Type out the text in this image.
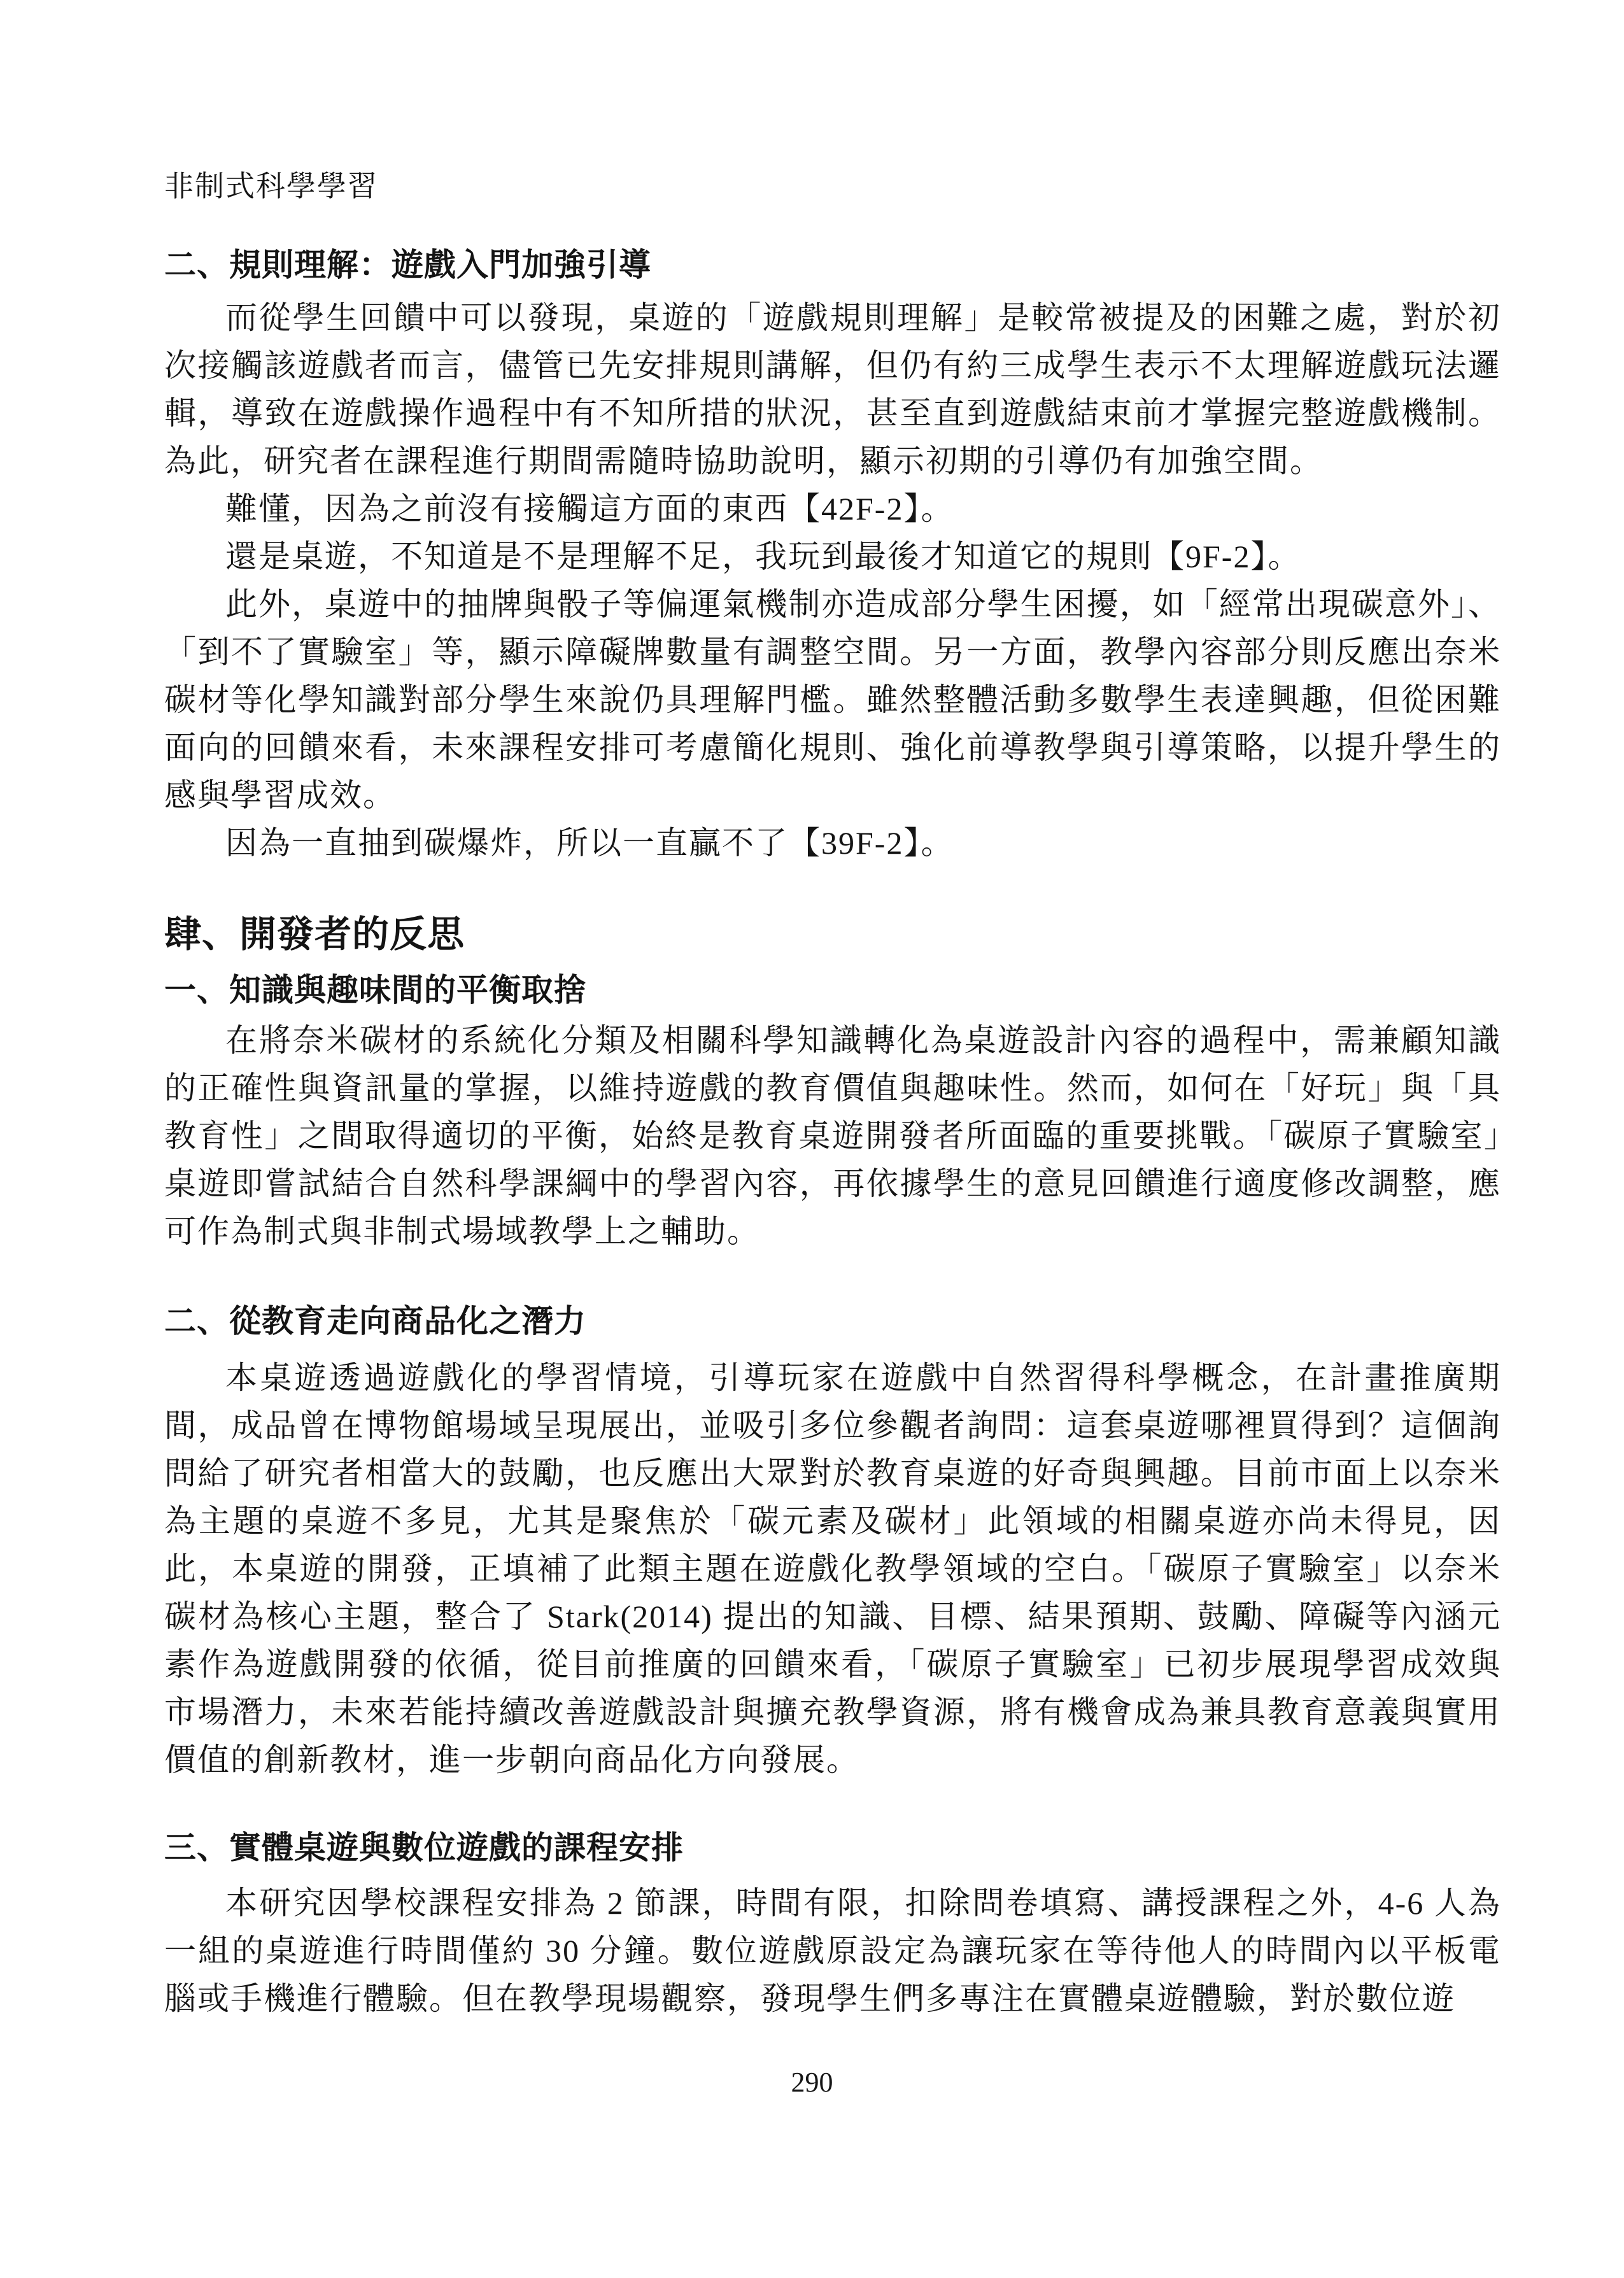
非制式科學學習
二、規則理解：遊戲入門加強引導

而從學生回饋中可以發現，桌遊的「遊戲規則理解」是較常被提及的困難之處，對於初次接觸該遊戲者而言，儘管已先安排規則講解，但仍有約三成學生表示不太理解遊戲玩法邏輯，導致在遊戲操作過程中有不知所措的狀況，甚至直到遊戲結束前才掌握完整遊戲機制。為此，研究者在課程進行期間需隨時協助說明，顯示初期的引導仍有加強空間。

難懂，因為之前沒有接觸這方面的東西【42F-2】。

還是桌遊，不知道是不是理解不足，我玩到最後才知道它的規則【9F-2】。

此外，桌遊中的抽牌與骰子等偏運氣機制亦造成部分學生困擾，如「經常出現碳意外」、「到不了實驗室」等，顯示障礙牌數量有調整空間。另一方面，教學內容部分則反應出奈米碳材等化學知識對部分學生來說仍具理解門檻。雖然整體活動多數學生表達興趣，但從困難面向的回饋來看，未來課程安排可考慮簡化規則、強化前導教學與引導策略，以提升學生的感與學習成效。

因為一直抽到碳爆炸，所以一直贏不了【39F-2】。

肆、開發者的反思
一、知識與趣味間的平衡取捨

在將奈米碳材的系統化分類及相關科學知識轉化為桌遊設計內容的過程中，需兼顧知識的正確性與資訊量的掌握，以維持遊戲的教育價值與趣味性。然而，如何在「好玩」與「具教育性」之間取得適切的平衡，始終是教育桌遊開發者所面臨的重要挑戰。「碳原子實驗室」桌遊即嘗試結合自然科學課綱中的學習內容，再依據學生的意見回饋進行適度修改調整，應可作為制式與非制式場域教學上之輔助。

二、從教育走向商品化之潛力

本桌遊透過遊戲化的學習情境，引導玩家在遊戲中自然習得科學概念，在計畫推廣期間，成品曾在博物館場域呈現展出，並吸引多位參觀者詢問：這套桌遊哪裡買得到？這個詢問給了研究者相當大的鼓勵，也反應出大眾對於教育桌遊的好奇與興趣。目前市面上以奈米為主題的桌遊不多見，尤其是聚焦於「碳元素及碳材」此領域的相關桌遊亦尚未得見，因此，本桌遊的開發，正填補了此類主題在遊戲化教學領域的空白。「碳原子實驗室」以奈米碳材為核心主題，整合了 Stark(2014) 提出的知識、目標、結果預期、鼓勵、障礙等內涵元素作為遊戲開發的依循，從目前推廣的回饋來看，「碳原子實驗室」已初步展現學習成效與市場潛力，未來若能持續改善遊戲設計與擴充教學資源，將有機會成為兼具教育意義與實用價值的創新教材，進一步朝向商品化方向發展。

三、實體桌遊與數位遊戲的課程安排

本研究因學校課程安排為 2 節課，時間有限，扣除問卷填寫、講授課程之外，4-6 人為一組的桌遊進行時間僅約 30 分鐘。數位遊戲原設定為讓玩家在等待他人的時間內以平板電腦或手機進行體驗。但在教學現場觀察，發現學生們多專注在實體桌遊體驗，對於數位遊

290
